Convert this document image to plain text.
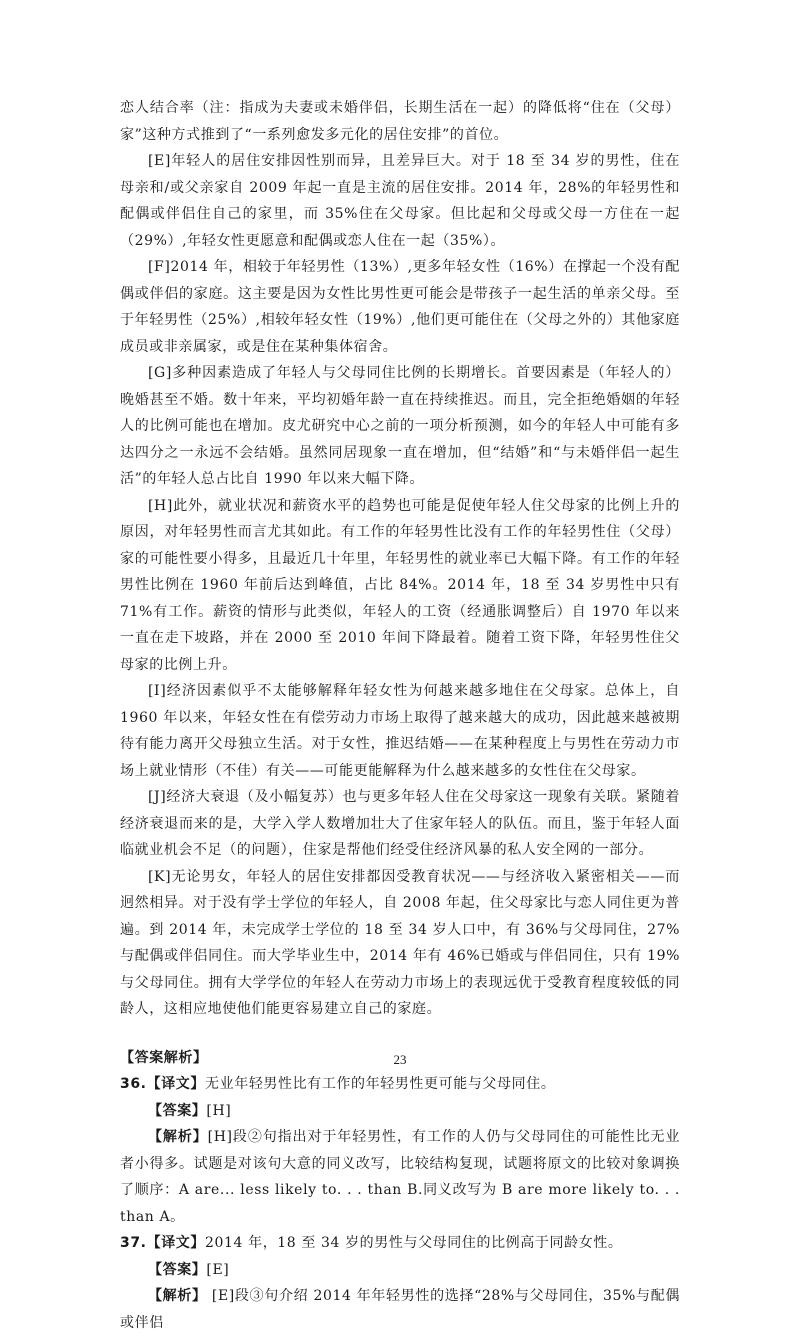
恋人结合率（注：指成为夫妻或未婚伴侣，长期生活在一起）的降低将“住在（父母）家”这种方式推到了“一系列愈发多元化的居住安排”的首位。

[E]年轻人的居住安排因性别而异，且差异巨大。对于 18 至 34 岁的男性，住在母亲和/或父亲家自 2009 年起一直是主流的居住安排。2014 年，28%的年轻男性和配偶或伴侣住自己的家里，而 35%住在父母家。但比起和父母或父母一方住在一起（29%）,年轻女性更愿意和配偶或恋人住在一起（35%）。

[F]2014 年，相较于年轻男性（13%）,更多年轻女性（16%）在撑起一个没有配偶或伴侣的家庭。这主要是因为女性比男性更可能会是带孩子一起生活的单亲父母。至于年轻男性（25%）,相较年轻女性（19%）,他们更可能住在（父母之外的）其他家庭成员或非亲属家，或是住在某种集体宿舍。

[G]多种因素造成了年轻人与父母同住比例的长期增长。首要因素是（年轻人的）晚婚甚至不婚。数十年来，平均初婚年龄一直在持续推迟。而且，完全拒绝婚姻的年轻人的比例可能也在增加。皮尤研究中心之前的一项分析预测，如今的年轻人中可能有多达四分之一永远不会结婚。虽然同居现象一直在增加，但“结婚”和“与未婚伴侣一起生活”的年轻人总占比自 1990 年以来大幅下降。

[H]此外，就业状况和薪资水平的趋势也可能是促使年轻人住父母家的比例上升的原因，对年轻男性而言尤其如此。有工作的年轻男性比没有工作的年轻男性住（父母）家的可能性要小得多，且最近几十年里，年轻男性的就业率已大幅下降。有工作的年轻男性比例在 1960 年前后达到峰值，占比 84%。2014 年，18 至 34 岁男性中只有 71%有工作。薪资的情形与此类似，年轻人的工资（经通胀调整后）自 1970 年以来一直在走下坡路，并在 2000 至 2010 年间下降最着。随着工资下降，年轻男性住父母家的比例上升。

[I]经济因素似乎不太能够解释年轻女性为何越来越多地住在父母家。总体上，自 1960 年以来，年轻女性在有偿劳动力市场上取得了越来越大的成功，因此越来越被期待有能力离开父母独立生活。对于女性，推迟结婚——在某种程度上与男性在劳动力市场上就业情形（不佳）有关——可能更能解释为什么越来越多的女性住在父母家。

[J]经济大衰退（及小幅复苏）也与更多年轻人住在父母家这一现象有关联。紧随着经济衰退而来的是，大学入学人数增加壮大了住家年轻人的队伍。而且，鉴于年轻人面临就业机会不足（的问题），住家是帮他们经受住经济风暴的私人安全网的一部分。

[K]无论男女，年轻人的居住安排都因受教育状况——与经济收入紧密相关——而迥然相异。对于没有学士学位的年轻人，自 2008 年起，住父母家比与恋人同住更为普遍。到 2014 年，未完成学士学位的 18 至 34 岁人口中，有 36%与父母同住，27%与配偶或伴侣同住。而大学毕业生中，2014 年有 46%已婚或与伴侣同住，只有 19%与父母同住。拥有大学学位的年轻人在劳动力市场上的表现远优于受教育程度较低的同龄人，这相应地使他们能更容易建立自己的家庭。

【答案解析】

36.【译文】无业年轻男性比有工作的年轻男性更可能与父母同住。

【答案】[H]

【解析】[H]段②句指出对于年轻男性，有工作的人仍与父母同住的可能性比无业者小得多。试题是对该句大意的同义改写，比较结构复现，试题将原文的比较对象调换了顺序：A are... less likely to. . . than B.同义改写为 B are more likely to. . . than A。

37.【译文】2014 年，18 至 34 岁的男性与父母同住的比例高于同龄女性。

【答案】[E]

【解析】 [E]段③句介绍 2014 年年轻男性的选择“28%与父母同住，35%与配偶或伴侣

23
